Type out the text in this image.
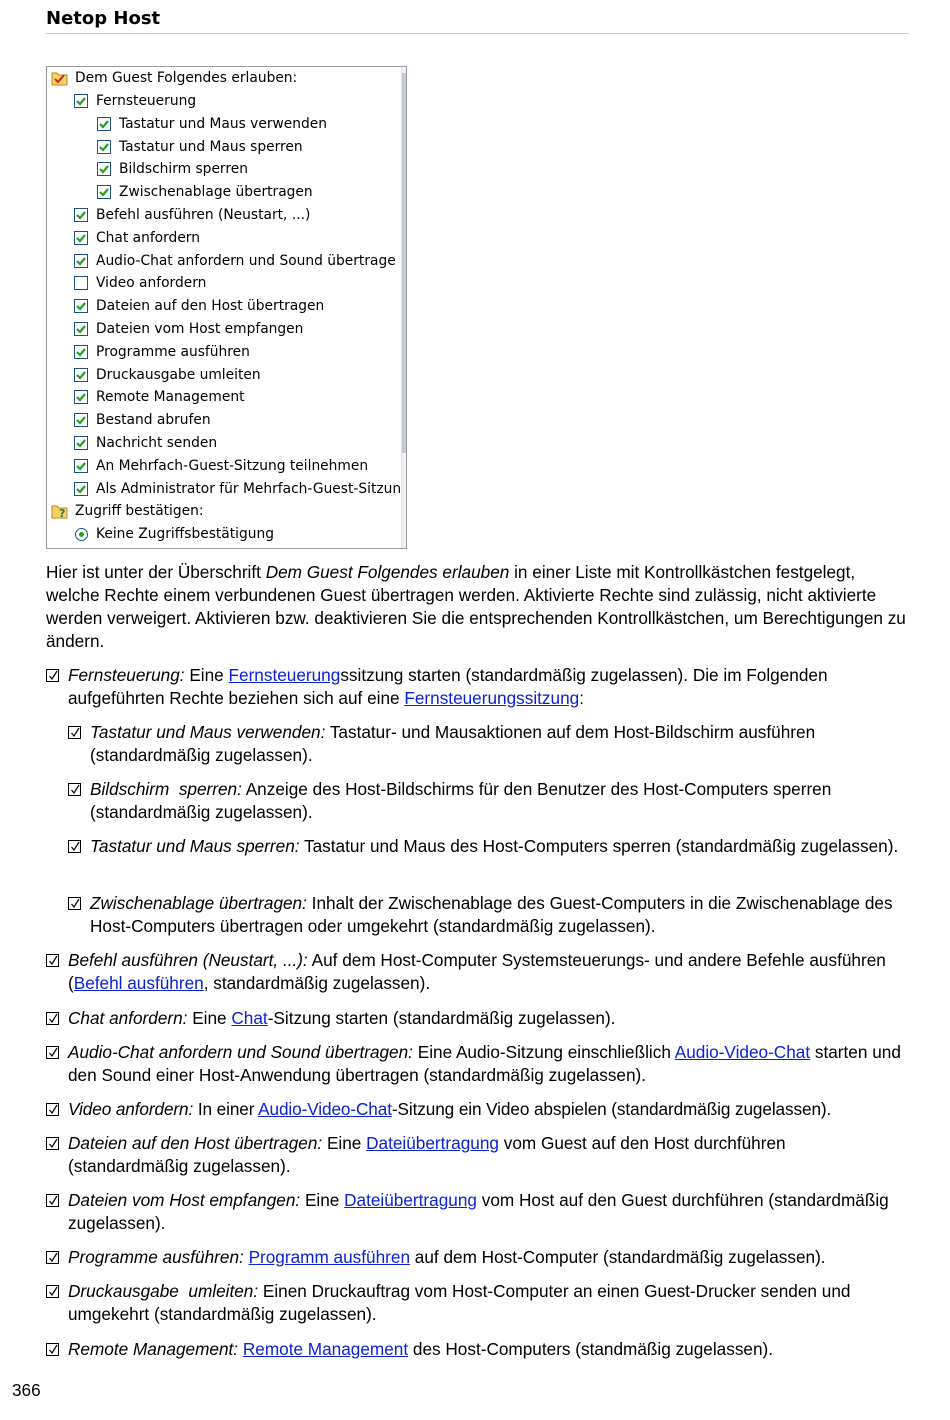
Netop Host
Dem Guest Folgendes erlauben:
Fernsteuerung
Tastatur und Maus verwenden
Tastatur und Maus sperren
Bildschirm sperren
Zwischenablage übertragen
Befehl ausführen (Neustart, ...)
Chat anfordern
Audio-Chat anfordern und Sound übertrage
Video anfordern
Dateien auf den Host übertragen
Dateien vom Host empfangen
Programme ausführen
Druckausgabe umleiten
Remote Management
Bestand abrufen
Nachricht senden
An Mehrfach-Guest-Sitzung teilnehmen
Als Administrator für Mehrfach-Guest-Sitzun
? Zugriff bestätigen:
Keine Zugriffsbestätigung
Hier ist unter der Überschrift Dem Guest Folgendes erlauben in einer Liste mit Kontrollkästchen festgelegt, welche Rechte einem verbundenen Guest übertragen werden. Aktivierte Rechte sind zulässig, nicht aktivierte werden verweigert. Aktivieren bzw. deaktivieren Sie die entsprechenden Kontrollkästchen, um Berechtigungen zu ändern.
Fernsteuerung: Eine Fernsteuerungssitzung starten (standardmäßig zugelassen). Die im Folgenden aufgeführten Rechte beziehen sich auf eine Fernsteuerungssitzung:
Tastatur und Maus verwenden: Tastatur- und Mausaktionen auf dem Host-Bildschirm ausführen (standardmäßig zugelassen).
Bildschirm  sperren: Anzeige des Host-Bildschirms für den Benutzer des Host-Computers sperren (standardmäßig zugelassen).
Tastatur und Maus sperren: Tastatur und Maus des Host-Computers sperren (standardmäßig zugelassen).
Zwischenablage übertragen: Inhalt der Zwischenablage des Guest-Computers in die Zwischenablage des Host-Computers übertragen oder umgekehrt (standardmäßig zugelassen).
Befehl ausführen (Neustart, ...): Auf dem Host-Computer Systemsteuerungs- und andere Befehle ausführen (Befehl ausführen, standardmäßig zugelassen).
Chat anfordern: Eine Chat-Sitzung starten (standardmäßig zugelassen).
Audio-Chat anfordern und Sound übertragen: Eine Audio-Sitzung einschließlich Audio-Video-Chat starten und den Sound einer Host-Anwendung übertragen (standardmäßig zugelassen).
Video anfordern: In einer Audio-Video-Chat-Sitzung ein Video abspielen (standardmäßig zugelassen).
Dateien auf den Host übertragen: Eine Dateiübertragung vom Guest auf den Host durchführen (standardmäßig zugelassen).
Dateien vom Host empfangen: Eine Dateiübertragung vom Host auf den Guest durchführen (standardmäßig zugelassen).
Programme ausführen: Programm ausführen auf dem Host-Computer (standardmäßig zugelassen).
Druckausgabe  umleiten: Einen Druckauftrag vom Host-Computer an einen Guest-Drucker senden und umgekehrt (standardmäßig zugelassen).
Remote Management: Remote Management des Host-Computers (standmäßig zugelassen).
366
